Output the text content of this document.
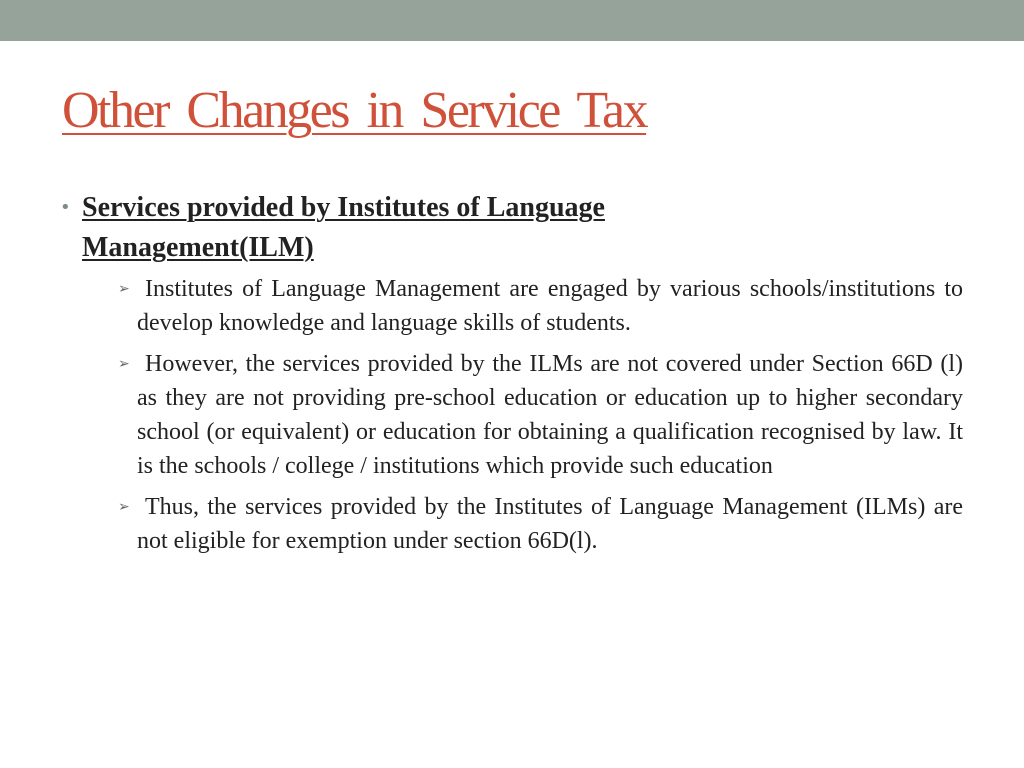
Other Changes in Service Tax
• Services provided by Institutes of Language Management(ILM)
➢ Institutes of Language Management are engaged by various schools/institutions to develop knowledge and language skills of students.
➢ However, the services provided by the ILMs are not covered under Section 66D (l) as they are not providing pre-school education or education up to higher secondary school (or equivalent) or education for obtaining a qualification recognised by law. It is the schools / college / institutions which provide such education
➢ Thus, the services provided by the Institutes of Language Management (ILMs) are not eligible for exemption under section 66D(l).
